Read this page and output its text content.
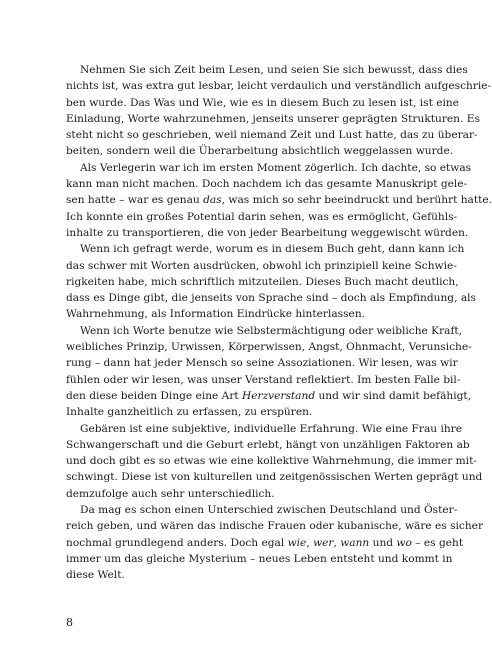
Nehmen Sie sich Zeit beim Lesen, und seien Sie sich bewusst, dass dies
nichts ist, was extra gut lesbar, leicht verdaulich und verständlich aufgeschrie-
ben wurde. Das Was und Wie, wie es in diesem Buch zu lesen ist, ist eine
Einladung, Worte wahrzunehmen, jenseits unserer geprägten Strukturen. Es
steht nicht so geschrieben, weil niemand Zeit und Lust hatte, das zu überar-
beiten, sondern weil die Überarbeitung absichtlich weggelassen wurde.
Als Verlegerin war ich im ersten Moment zögerlich. Ich dachte, so etwas
kann man nicht machen. Doch nachdem ich das gesamte Manuskript gele-
sen hatte – war es genau das, was mich so sehr beeindruckt und berührt hatte.
Ich konnte ein großes Potential darin sehen, was es ermöglicht, Gefühls-
inhalte zu transportieren, die von jeder Bearbeitung weggewischt würden.
Wenn ich gefragt werde, worum es in diesem Buch geht, dann kann ich
das schwer mit Worten ausdrücken, obwohl ich prinzipiell keine Schwie-
rigkeiten habe, mich schriftlich mitzuteilen. Dieses Buch macht deutlich,
dass es Dinge gibt, die jenseits von Sprache sind – doch als Empfindung, als
Wahrnehmung, als Information Eindrücke hinterlassen.
Wenn ich Worte benutze wie Selbstermächtigung oder weibliche Kraft,
weibliches Prinzip, Urwissen, Körperwissen, Angst, Ohnmacht, Verunsiche-
rung – dann hat jeder Mensch so seine Assoziationen. Wir lesen, was wir
fühlen oder wir lesen, was unser Verstand reflektiert. Im besten Falle bil-
den diese beiden Dinge eine Art Herzverstand und wir sind damit befähigt,
Inhalte ganzheitlich zu erfassen, zu erspüren.
Gebären ist eine subjektive, individuelle Erfahrung. Wie eine Frau ihre
Schwangerschaft und die Geburt erlebt, hängt von unzähligen Faktoren ab
und doch gibt es so etwas wie eine kollektive Wahrnehmung, die immer mit-
schwingt. Diese ist von kulturellen und zeitgenössischen Werten geprägt und
demzufolge auch sehr unterschiedlich.
Da mag es schon einen Unterschied zwischen Deutschland und Öster-
reich geben, und wären das indische Frauen oder kubanische, wäre es sicher
nochmal grundlegend anders. Doch egal wie, wer, wann und wo – es geht
immer um das gleiche Mysterium – neues Leben entsteht und kommt in
diese Welt.
8
